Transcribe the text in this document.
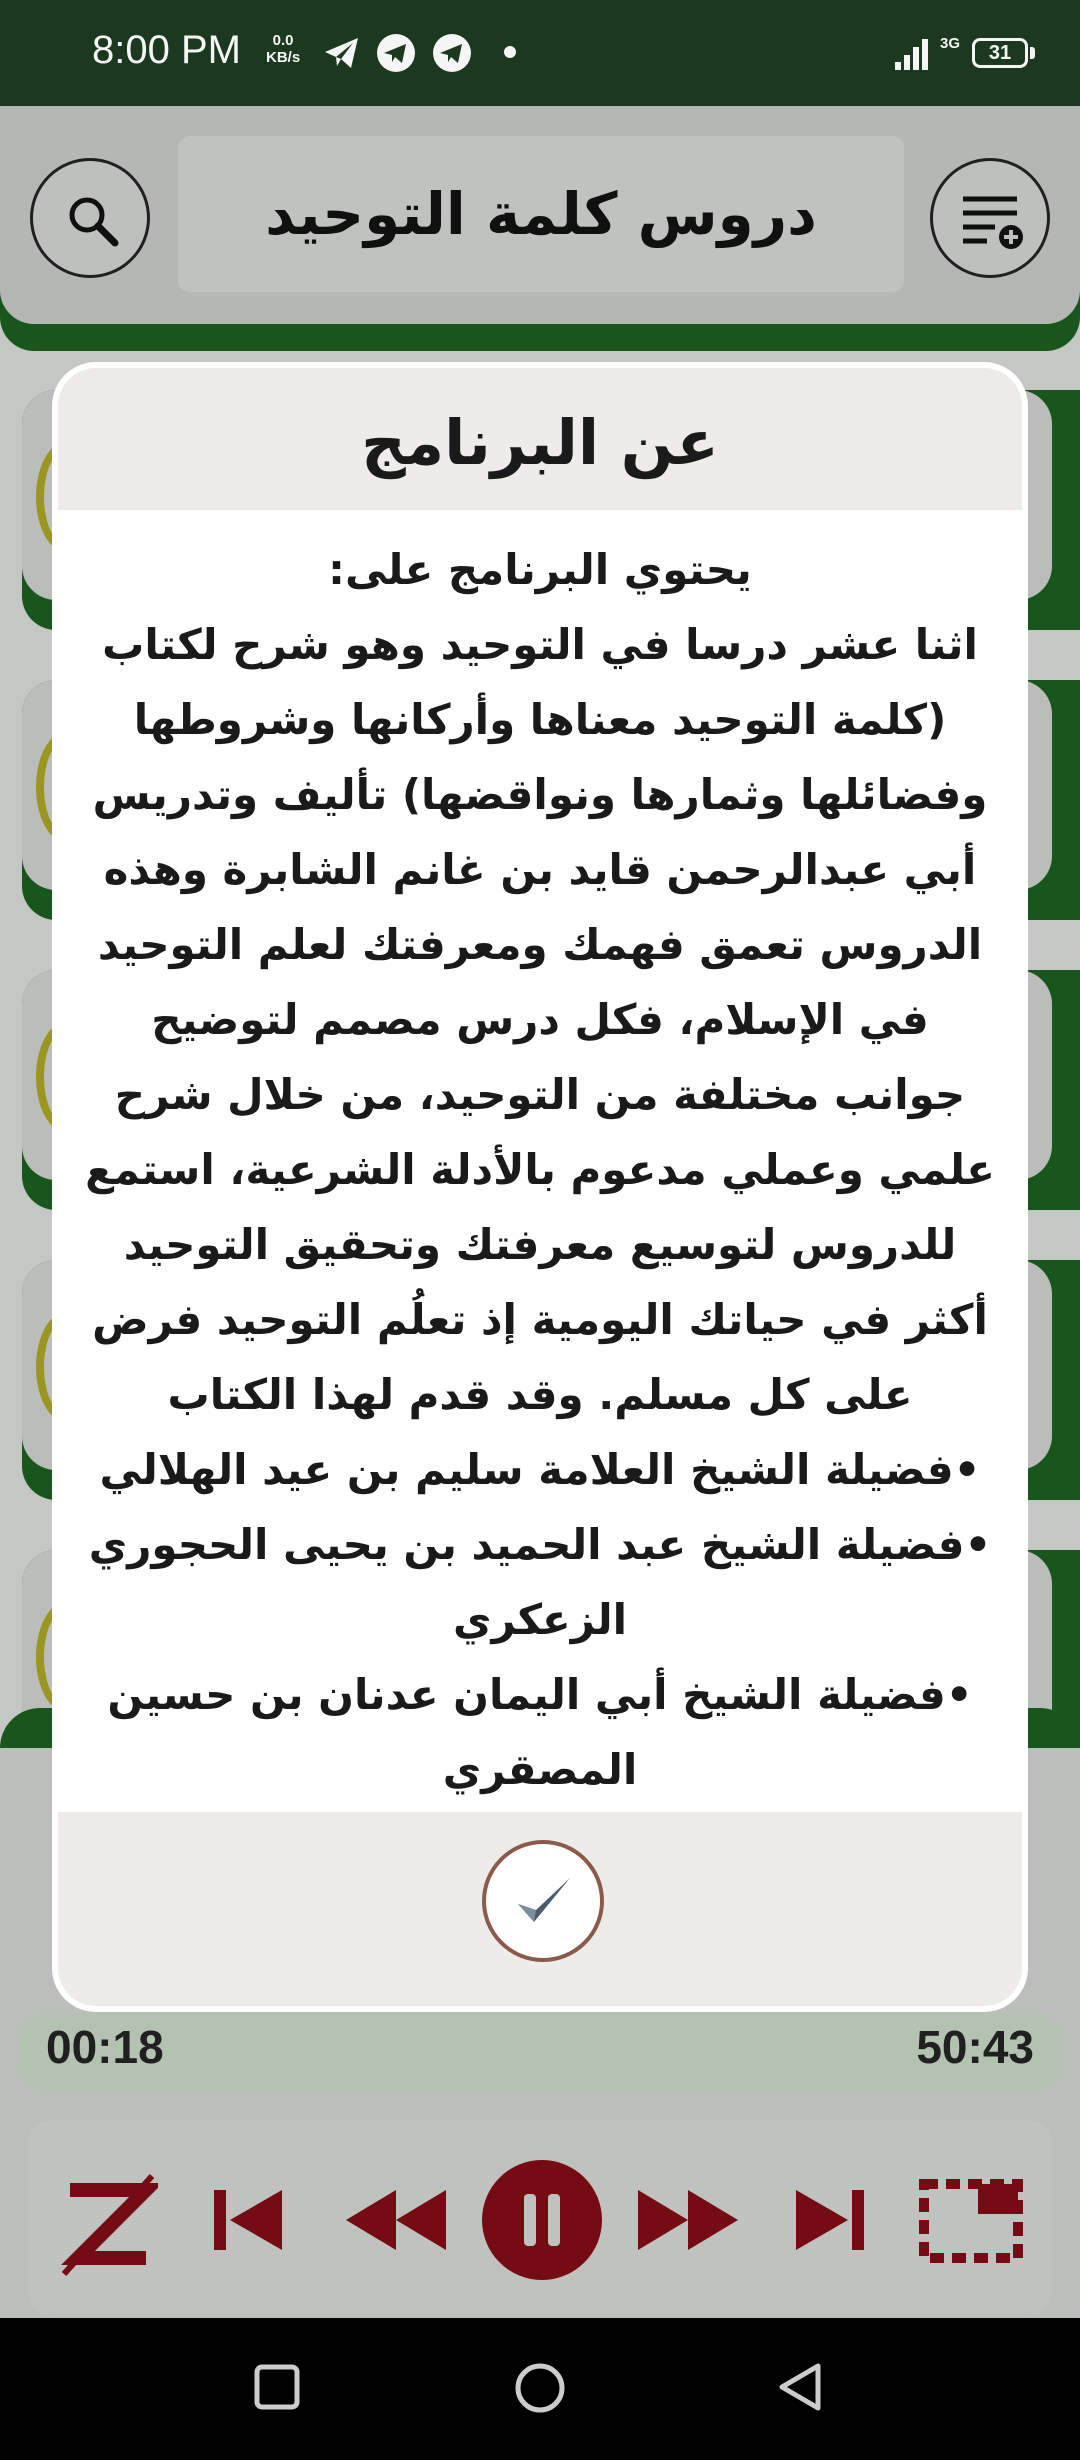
8:00 PM	0.0
KB/s
3G	31
دروس كلمة التوحيد
00:18	50:43
عن البرنامج

يحتوي البرنامج على:

اثنا عشر درسا في التوحيد وهو شرح لكتاب (كلمة التوحيد معناها وأركانها وشروطها وفضائلها وثمارها ونواقضها) تأليف وتدريس أبي عبدالرحمن قايد بن غانم الشابرة وهذه الدروس تعمق فهمك ومعرفتك لعلم التوحيد في الإسلام، فكل درس مصمم لتوضيح جوانب مختلفة من التوحيد، من خلال شرح علمي وعملي مدعوم بالأدلة الشرعية، استمع للدروس لتوسيع معرفتك وتحقيق التوحيد أكثر في حياتك اليومية إذ تعلُم التوحيد فرض على كل مسلم. وقد قدم لهذا الكتاب

•فضيلة الشيخ العلامة سليم بن عيد الهلالي

•فضيلة الشيخ عبد الحميد بن يحيى الحجوري الزعكري

•فضيلة الشيخ أبي اليمان عدنان بن حسين المصقري
